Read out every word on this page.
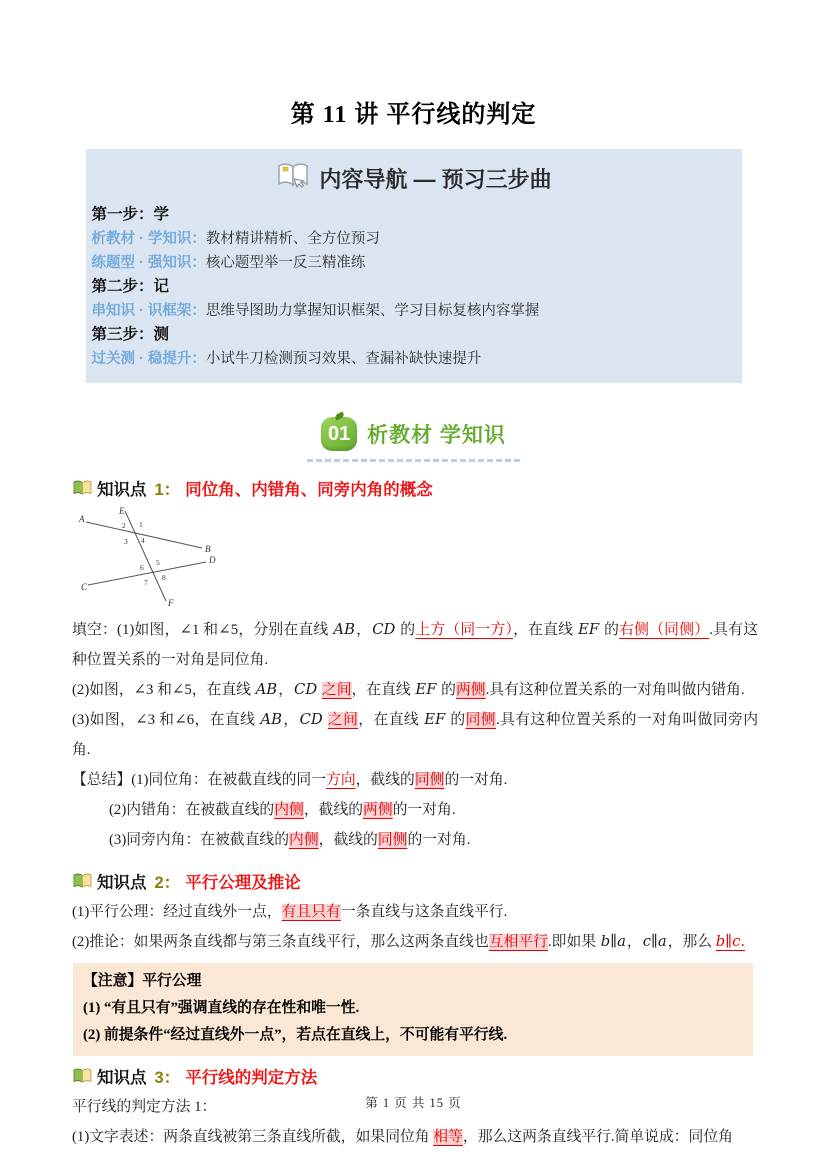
第 11 讲 平行线的判定
内容导航 — 预习三步曲
第一步：学
析教材 · 学知识：教材精讲精析、全方位预习
练题型 · 强知识：核心题型举一反三精准练
第二步：记
串知识 · 识框架：思维导图助力掌握知识框架、学习目标复核内容掌握
第三步：测
过关测 · 稳提升：小试牛刀检测预习效果、查漏补缺快速提升
01 析教材 学知识
知识点 1： 同位角、内错角、同旁内角的概念
A
B
C
D
E
F
2 1
3 4
5
6
8
7
填空：(1)如图，∠1 和∠5，分别在直线 AB，CD 的上方（同一方），在直线 EF 的右侧（同侧）.具有这种位置关系的一对角是同位角.
(2)如图，∠3 和∠5，在直线 AB，CD 之间，在直线 EF 的两侧.具有这种位置关系的一对角叫做内错角.
(3)如图，∠3 和∠6，在直线 AB，CD 之间，在直线 EF 的同侧.具有这种位置关系的一对角叫做同旁内角.
【总结】(1)同位角：在被截直线的同一方向，截线的同侧的一对角.
(2)内错角：在被截直线的内侧，截线的两侧的一对角.
(3)同旁内角：在被截直线的内侧，截线的同侧的一对角.
知识点 2： 平行公理及推论
(1)平行公理：经过直线外一点，有且只有一条直线与这条直线平行.
(2)推论：如果两条直线都与第三条直线平行，那么这两条直线也互相平行.即如果 b∥a，c∥a，那么 b∥c.
【注意】平行公理
(1) “有且只有”强调直线的存在性和唯一性.
(2) 前提条件“经过直线外一点”，若点在直线上，不可能有平行线.
知识点 3： 平行线的判定方法
平行线的判定方法 1：
(1)文字表述：两条直线被第三条直线所截，如果同位角 相等，那么这两条直线平行.简单说成：同位角
第 1 页 共 15 页
